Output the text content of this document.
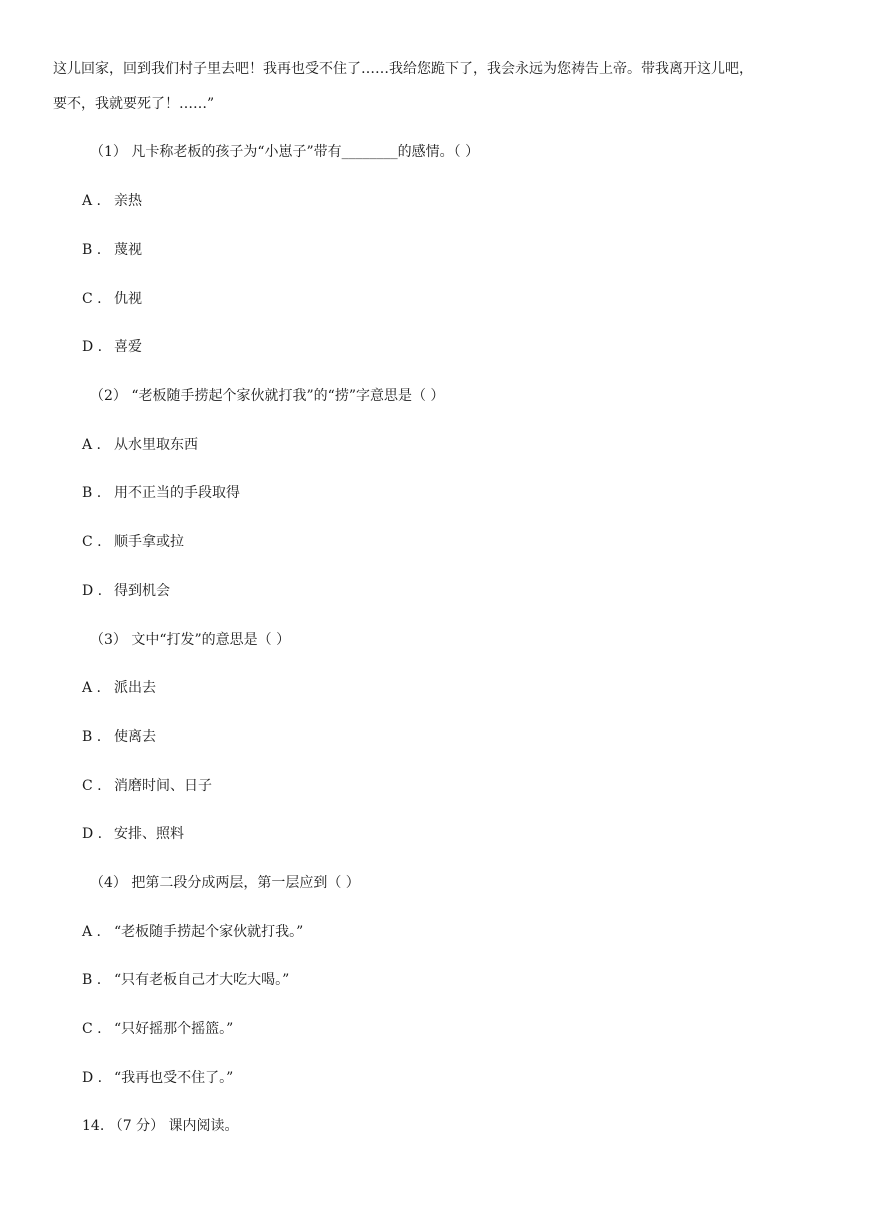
这儿回家，回到我们村子里去吧！我再也受不住了……我给您跪下了，我会永远为您祷告上帝。带我离开这儿吧，
要不，我就要死了！……”
（1） 凡卡称老板的孩子为“小崽子”带有________的感情。（ ）
A . 亲热
B . 蔑视
C . 仇视
D . 喜爱
（2） “老板随手捞起个家伙就打我”的“捞”字意思是（ ）
A . 从水里取东西
B . 用不正当的手段取得
C . 顺手拿或拉
D . 得到机会
（3） 文中“打发”的意思是（ ）
A . 派出去
B . 使离去
C . 消磨时间、日子
D . 安排、照料
（4） 把第二段分成两层，第一层应到（ ）
A . “老板随手捞起个家伙就打我。”
B . “只有老板自己才大吃大喝。”
C . “只好摇那个摇篮。”
D . “我再也受不住了。”
14. （7 分） 课内阅读。
